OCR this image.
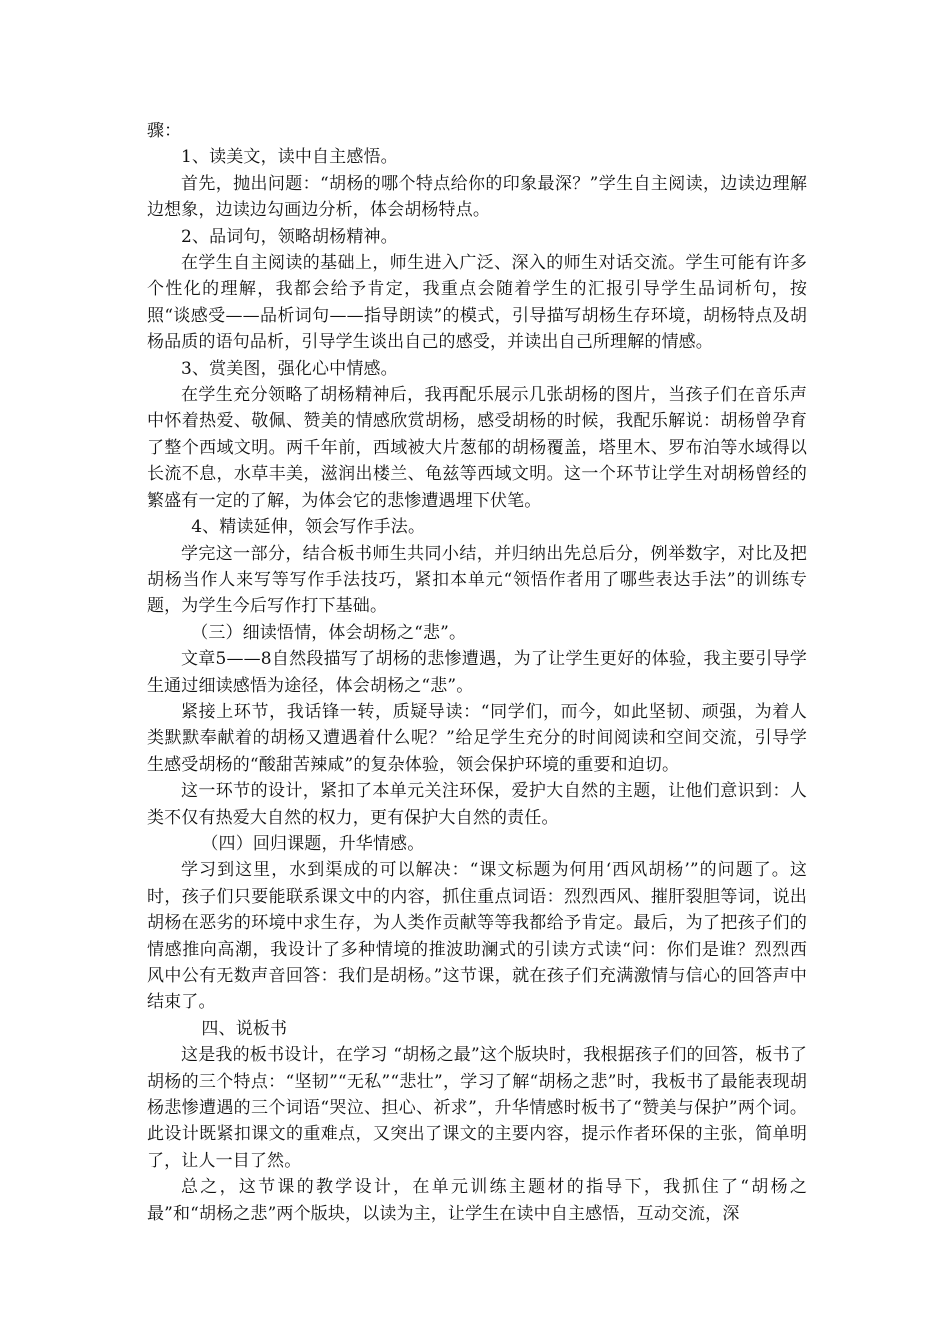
骤：

1、读美文，读中自主感悟。

首先，抛出问题：“胡杨的哪个特点给你的印象最深？”学生自主阅读，边读边理解边想象，边读边勾画边分析，体会胡杨特点。

2、品词句，领略胡杨精神。

在学生自主阅读的基础上，师生进入广泛、深入的师生对话交流。学生可能有许多个性化的理解，我都会给予肯定，我重点会随着学生的汇报引导学生品词析句，按照“谈感受——品析词句——指导朗读”的模式，引导描写胡杨生存环境，胡杨特点及胡杨品质的语句品析，引导学生谈出自己的感受，并读出自己所理解的情感。

3、赏美图，强化心中情感。

在学生充分领略了胡杨精神后，我再配乐展示几张胡杨的图片，当孩子们在音乐声中怀着热爱、敬佩、赞美的情感欣赏胡杨，感受胡杨的时候，我配乐解说：胡杨曾孕育了整个西域文明。两千年前，西域被大片葱郁的胡杨覆盖，塔里木、罗布泊等水域得以长流不息，水草丰美，滋润出楼兰、龟兹等西域文明。这一个环节让学生对胡杨曾经的繁盛有一定的了解，为体会它的悲惨遭遇埋下伏笔。

4、精读延伸，领会写作手法。

学完这一部分，结合板书师生共同小结，并归纳出先总后分，例举数字，对比及把胡杨当作人来写等写作手法技巧，紧扣本单元“领悟作者用了哪些表达手法”的训练专题，为学生今后写作打下基础。

（三）细读悟情，体会胡杨之“悲”。

文章5——8自然段描写了胡杨的悲惨遭遇，为了让学生更好的体验，我主要引导学生通过细读感悟为途径，体会胡杨之“悲”。

紧接上环节，我话锋一转，质疑导读：“同学们，而今，如此坚韧、顽强，为着人类默默奉献着的胡杨又遭遇着什么呢？”给足学生充分的时间阅读和空间交流，引导学生感受胡杨的“酸甜苦辣咸”的复杂体验，领会保护环境的重要和迫切。

这一环节的设计，紧扣了本单元关注环保，爱护大自然的主题，让他们意识到：人类不仅有热爱大自然的权力，更有保护大自然的责任。

（四）回归课题，升华情感。

学习到这里，水到渠成的可以解决：“课文标题为何用‘西风胡杨’”的问题了。这时，孩子们只要能联系课文中的内容，抓住重点词语：烈烈西风、摧肝裂胆等词，说出胡杨在恶劣的环境中求生存，为人类作贡献等等我都给予肯定。最后，为了把孩子们的情感推向高潮，我设计了多种情境的推波助澜式的引读方式读“问：你们是谁？烈烈西风中公有无数声音回答：我们是胡杨。”这节课，就在孩子们充满激情与信心的回答声中结束了。

四、说板书

这是我的板书设计，在学习 “胡杨之最”这个版块时，我根据孩子们的回答，板书了胡杨的三个特点：“坚韧”“无私”“悲壮”，学习了解“胡杨之悲”时，我板书了最能表现胡杨悲惨遭遇的三个词语“哭泣、担心、祈求”，升华情感时板书了“赞美与保护”两个词。此设计既紧扣课文的重难点，又突出了课文的主要内容，提示作者环保的主张，简单明了，让人一目了然。

总之，这节课的教学设计，在单元训练主题材的指导下，我抓住了“胡杨之最”和“胡杨之悲”两个版块，以读为主，让学生在读中自主感悟，互动交流，深
